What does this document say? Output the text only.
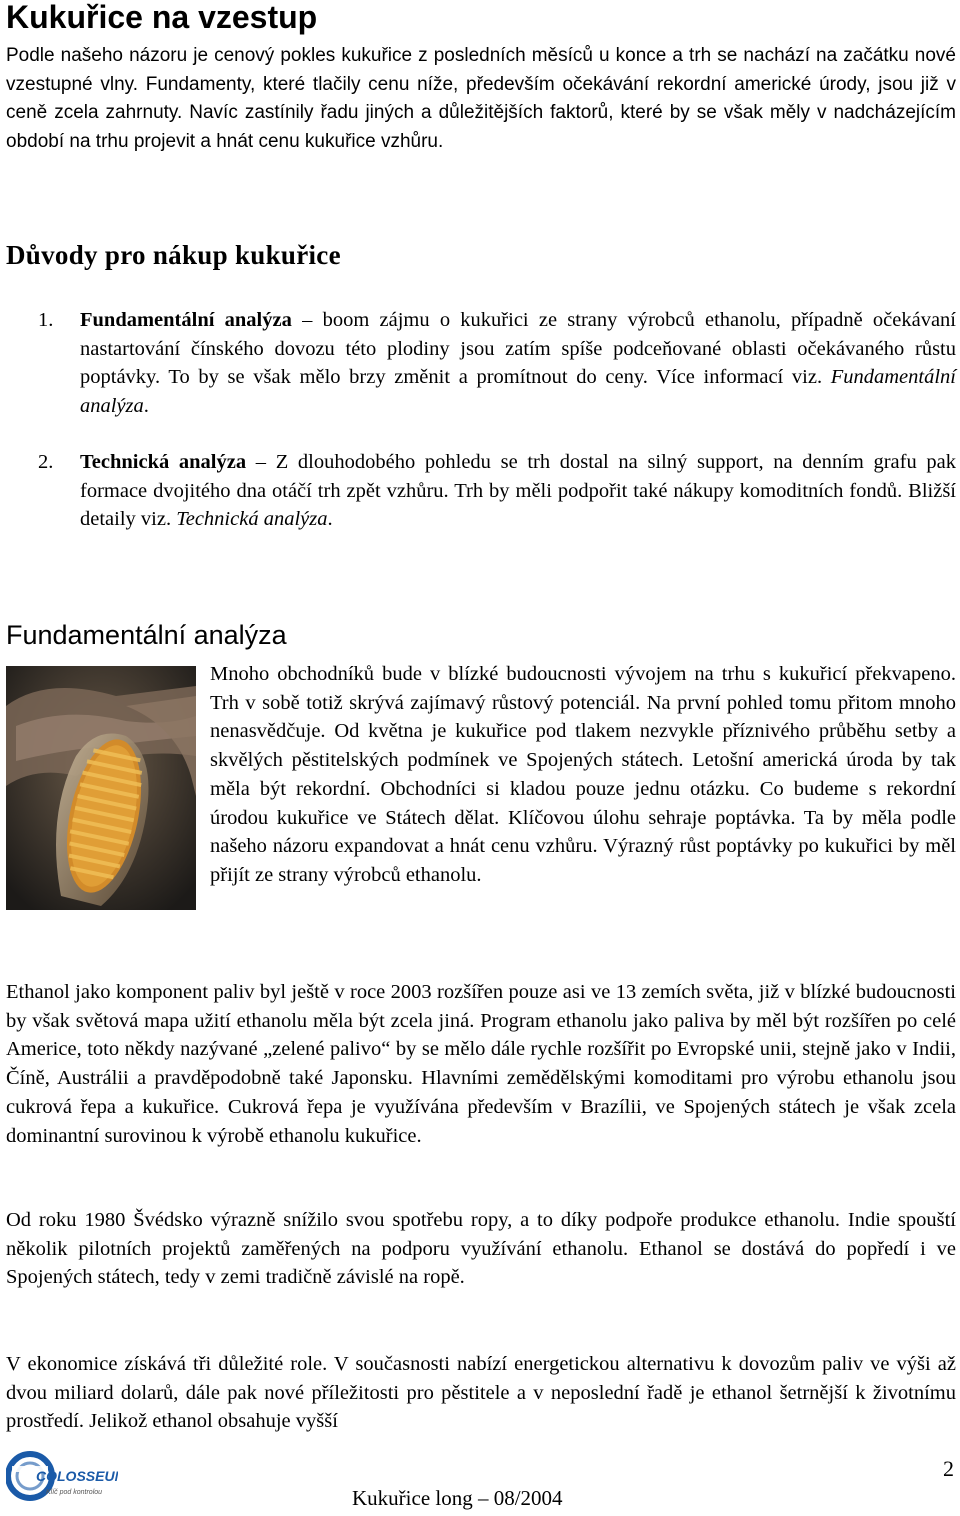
Kukuřice na vzestup

Podle našeho názoru je cenový pokles kukuřice z posledních měsíců u konce a trh se nachází na začátku nové vzestupné vlny. Fundamenty, které tlačily cenu níže, především očekávání rekordní americké úrody, jsou již v ceně zcela zahrnuty. Navíc zastínily řadu jiných a důležitějších faktorů, které by se však měly v nadcházejícím období na trhu projevit a hnát cenu kukuřice vzhůru.

Důvody pro nákup kukuřice
1. Fundamentální analýza – boom zájmu o kukuřici ze strany výrobců ethanolu, případně očekávaní nastartování čínského dovozu této plodiny jsou zatím spíše podceňované oblasti očekávaného růstu poptávky. To by se však mělo brzy změnit a promítnout do ceny. Více informací viz. Fundamentální analýza.
2. Technická analýza – Z dlouhodobého pohledu se trh dostal na silný support, na denním grafu pak formace dvojitého dna otáčí trh zpět vzhůru. Trh by měli podpořit také nákupy komoditních fondů. Bližší detaily viz. Technická analýza.
Fundamentální analýza
Mnoho obchodníků bude v blízké budoucnosti vývojem na trhu s kukuřicí překvapeno. Trh v sobě totiž skrývá zajímavý růstový potenciál. Na první pohled tomu přitom mnoho nenasvědčuje. Od května je kukuřice pod tlakem nezvykle příznivého průběhu setby a skvělých pěstitelských podmínek ve Spojených státech. Letošní americká úroda by tak měla být rekordní. Obchodníci si kladou pouze jednu otázku. Co budeme s rekordní úrodou kukuřice ve Státech dělat. Klíčovou úlohu sehraje poptávka. Ta by měla podle našeho názoru expandovat a hnát cenu vzhůru. Výrazný růst poptávky po kukuřici by měl přijít ze strany výrobců ethanolu.

Ethanol jako komponent paliv byl ještě v roce 2003 rozšířen pouze asi ve 13 zemích světa, již v blízké budoucnosti by však světová mapa užití ethanolu měla být zcela jiná. Program ethanolu jako paliva by měl být rozšířen po celé Americe, toto někdy nazývané „zelené palivo“ by se mělo dále rychle rozšířit po Evropské unii, stejně jako v Indii, Číně, Austrálii a pravděpodobně také Japonsku. Hlavními zemědělskými komoditami pro výrobu ethanolu jsou cukrová řepa a kukuřice. Cukrová řepa je využívána především v Brazílii, ve Spojených státech je však zcela dominantní surovinou k výrobě ethanolu kukuřice.

Od roku 1980 Švédsko výrazně snížilo svou spotřebu ropy, a to díky podpoře produkce ethanolu. Indie spouští několik pilotních projektů zaměřených na podporu využívání ethanolu. Ethanol se dostává do popředí i ve Spojených státech, tedy v zemi tradičně závislé na ropě.

V ekonomice získává tři důležité role. V současnosti nabízí energetickou alternativu k dovozům paliv ve výši až dvou miliard dolarů, dále pak nové příležitosti pro pěstitele a v neposlední řadě je ethanol šetrnější k životnímu prostředí. Jelikož ethanol obsahuje vyšší

COLOSSEUM
Klíč pod kontrolou	Kukuřice long – 08/2004

2
